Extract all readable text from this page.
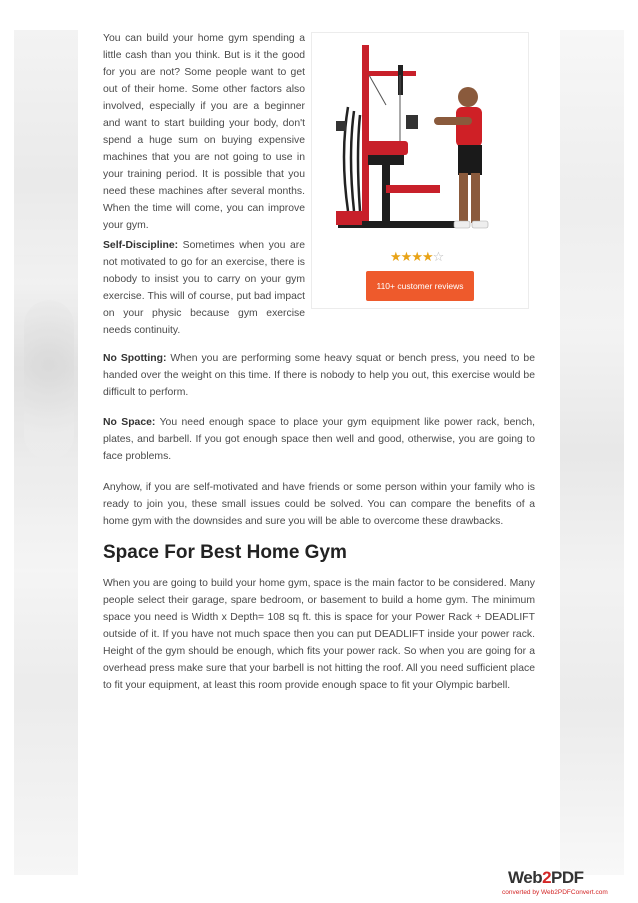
You can build your home gym spending a little cash than you think. But is it the good for you are not? Some people want to get out of their home. Some other factors also involved, especially if you are a beginner and want to start building your body, don't spend a huge sum on buying expensive machines that you are not going to use in your training period. It is possible that you need these machines after several months. When the time will come, you can improve your gym.

Self-Discipline: Sometimes when you are not motivated to go for an exercise, there is nobody to insist you to carry on your gym exercise. This will of course, put bad impact on your physic because gym exercise needs continuity.

★★★★☆
110+ customer reviews

No Spotting: When you are performing some heavy squat or bench press, you need to be handed over the weight on this time. If there is nobody to help you out, this exercise would be difficult to perform.

No Space: You need enough space to place your gym equipment like power rack, bench, plates, and barbell. If you got enough space then well and good, otherwise, you are going to face problems.

Anyhow, if you are self-motivated and have friends or some person within your family who is ready to join you, these small issues could be solved. You can compare the benefits of a home gym with the downsides and sure you will be able to overcome these drawbacks.

Space For Best Home Gym

When you are going to build your home gym, space is the main factor to be considered. Many people select their garage, spare bedroom, or basement to build a home gym. The minimum space you need is Width x Depth= 108 sq ft. this is space for your Power Rack + DEADLIFT outside of it. If you have not much space then you can put DEADLIFT inside your power rack. Height of the gym should be enough, which fits your power rack. So when you are going for a overhead press make sure that your barbell is not hitting the roof. All you need sufficient place to fit your equipment, at least this room provide enough space to fit your Olympic barbell.

Web2PDF
converted by Web2PDFConvert.com
